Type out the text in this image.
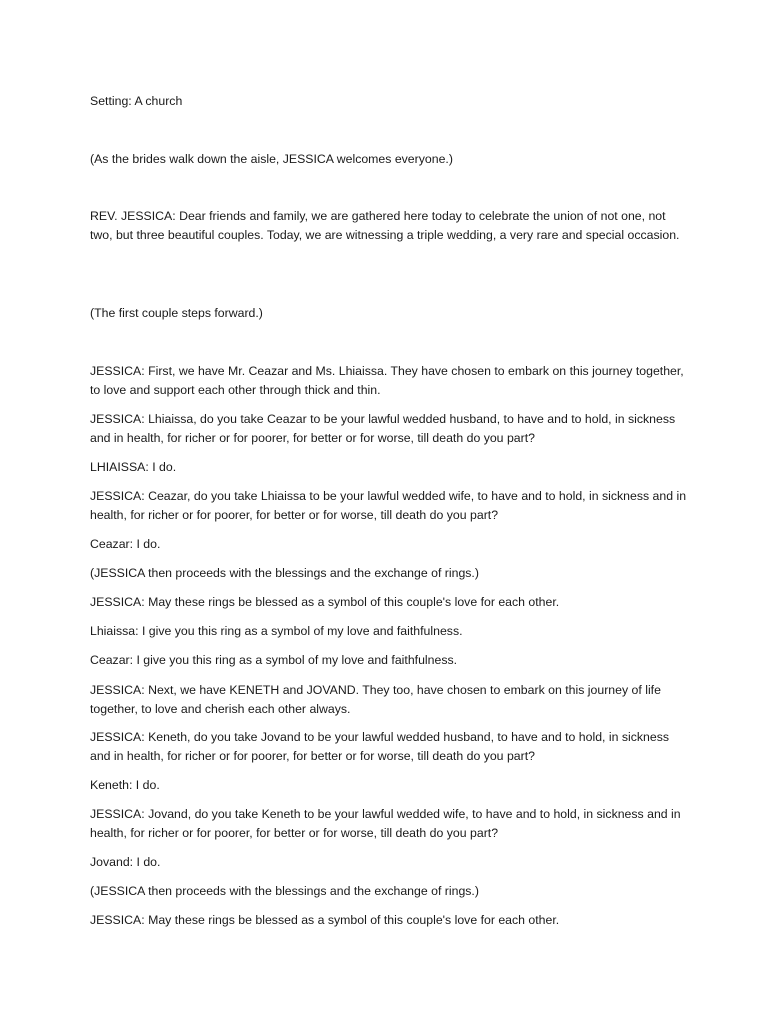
Setting: A church

(As the brides walk down the aisle, JESSICA welcomes everyone.)

REV. JESSICA: Dear friends and family, we are gathered here today to celebrate the union of not one, not two, but three beautiful couples. Today, we are witnessing a triple wedding, a very rare and special occasion.

(The first couple steps forward.)

JESSICA: First, we have Mr. Ceazar and Ms. Lhiaissa. They have chosen to embark on this journey together, to love and support each other through thick and thin.

JESSICA: Lhiaissa, do you take Ceazar to be your lawful wedded husband, to have and to hold, in sickness and in health, for richer or for poorer, for better or for worse, till death do you part?

LHIAISSA: I do.

JESSICA: Ceazar, do you take Lhiaissa to be your lawful wedded wife, to have and to hold, in sickness and in health, for richer or for poorer, for better or for worse, till death do you part?

Ceazar: I do.

(JESSICA then proceeds with the blessings and the exchange of rings.)

JESSICA: May these rings be blessed as a symbol of this couple's love for each other.

Lhiaissa: I give you this ring as a symbol of my love and faithfulness.

Ceazar: I give you this ring as a symbol of my love and faithfulness.

JESSICA: Next, we have KENETH and JOVAND. They too, have chosen to embark on this journey of life together, to love and cherish each other always.

JESSICA: Keneth, do you take Jovand to be your lawful wedded husband, to have and to hold, in sickness and in health, for richer or for poorer, for better or for worse, till death do you part?

Keneth: I do.

JESSICA: Jovand, do you take Keneth to be your lawful wedded wife, to have and to hold, in sickness and in health, for richer or for poorer, for better or for worse, till death do you part?

Jovand: I do.

(JESSICA then proceeds with the blessings and the exchange of rings.)

JESSICA: May these rings be blessed as a symbol of this couple's love for each other.
